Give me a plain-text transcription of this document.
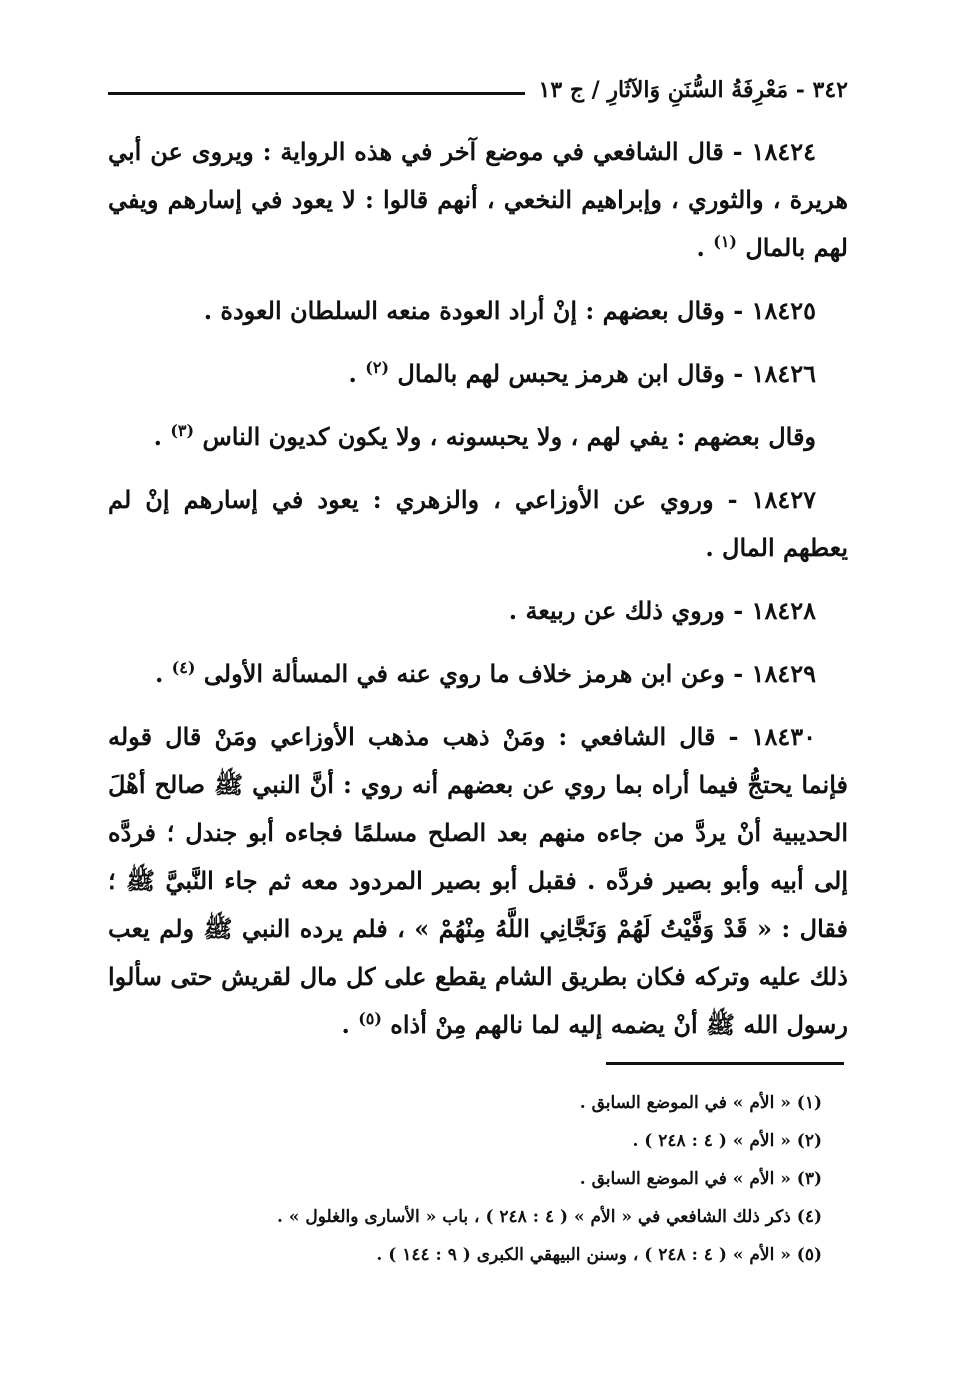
٣٤٢ - مَعْرِفَةُ السُّنَنِ وَالآثَارِ / ج ١٣

١٨٤٢٤ - قال الشافعي في موضع آخر في هذه الرواية : ويروى عن أبي هريرة ، والثوري ، وإبراهيم النخعي ، أنهم قالوا : لا يعود في إسارهم ويفي لهم بالمال $^{(١)}$ .

١٨٤٢٥ - وقال بعضهم : إنْ أراد العودة منعه السلطان العودة .

١٨٤٢٦ - وقال ابن هرمز يحبس لهم بالمال $^{(٢)}$ .

وقال بعضهم : يفي لهم ، ولا يحبسونه ، ولا يكون كديون الناس $^{(٣)}$ .

١٨٤٢٧ - وروي عن الأوزاعي ، والزهري : يعود في إسارهم إنْ لم يعطهم المال .

١٨٤٢٨ - وروي ذلك عن ربيعة .

١٨٤٢٩ - وعن ابن هرمز خلاف ما روي عنه في المسألة الأولى $^{(٤)}$ .

١٨٤٣٠ - قال الشافعي : ومَنْ ذهب مذهب الأوزاعي ومَنْ قال قوله فإنما يحتجُّ فيما أراه بما روي عن بعضهم أنه روي : أنَّ النبي ﷺ صالح أهْلَ الحديبية أنْ يردَّ من جاءه منهم بعد الصلح مسلمًا فجاءه أبو جندل ؛ فردَّه إلى أبيه وأبو بصير فردَّه . فقبل أبو بصير المردود معه ثم جاء النَّبيَّ ﷺ ؛ فقال : « قَدْ وَفَّيْتُ لَهُمْ وَنَجَّانِي اللَّهُ مِنْهُمْ » ، فلم يرده النبي ﷺ ولم يعب ذلك عليه وتركه فكان بطريق الشام يقطع على كل مال لقريش حتى سألوا رسول الله ﷺ أنْ يضمه إليه لما نالهم مِنْ أذاه $^{(٥)}$ .

(١) « الأم » في الموضع السابق .
(٢) « الأم » ( ٤ : ٢٤٨ ) .
(٣) « الأم » في الموضع السابق .
(٤) ذكر ذلك الشافعي في « الأم » ( ٤ : ٢٤٨ ) ، باب « الأسارى والغلول » .
(٥) « الأم » ( ٤ : ٢٤٨ ) ، وسنن البيهقي الكبرى ( ٩ : ١٤٤ ) .
